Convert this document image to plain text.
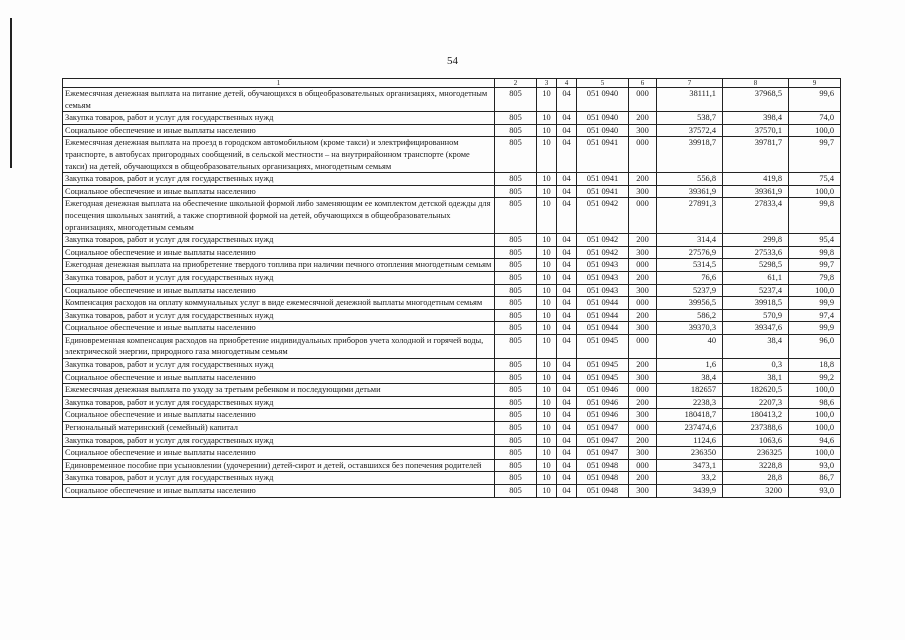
54
1	2	3	4	5	6	7	8	9
Ежемесячная денежная выплата на питание детей, обучающихся в общеобразовательных организациях, многодетным семьям	805	10	04	051 0940	000	38111,1	37968,5	99,6
Закупка товаров, работ и услуг для государственных нужд	805	10	04	051 0940	200	538,7	398,4	74,0
Социальное обеспечение и иные выплаты населению	805	10	04	051 0940	300	37572,4	37570,1	100,0
Ежемесячная денежная выплата на проезд в городском автомобильном (кроме такси) и электрифицированном транспорте, в автобусах пригородных сообщений, в сельской местности – на внутрирайонном транспорте (кроме такси) на детей, обучающихся в общеобразовательных организациях, многодетным семьям	805	10	04	051 0941	000	39918,7	39781,7	99,7
Закупка товаров, работ и услуг для государственных нужд	805	10	04	051 0941	200	556,8	419,8	75,4
Социальное обеспечение и иные выплаты населению	805	10	04	051 0941	300	39361,9	39361,9	100,0
Ежегодная денежная выплата на обеспечение школьной формой либо заменяющим ее комплектом детской одежды для посещения школьных занятий, а также спортивной формой на детей, обучающихся в общеобразовательных организациях, многодетным семьям	805	10	04	051 0942	000	27891,3	27833,4	99,8
Закупка товаров, работ и услуг для государственных нужд	805	10	04	051 0942	200	314,4	299,8	95,4
Социальное обеспечение и иные выплаты населению	805	10	04	051 0942	300	27576,9	27533,6	99,8
Ежегодная денежная выплата на приобретение твердого топлива при наличии печного отопления многодетным семьям	805	10	04	051 0943	000	5314,5	5298,5	99,7
Закупка товаров, работ и услуг для государственных нужд	805	10	04	051 0943	200	76,6	61,1	79,8
Социальное обеспечение и иные выплаты населению	805	10	04	051 0943	300	5237,9	5237,4	100,0
Компенсация расходов на оплату коммунальных услуг в виде ежемесячной денежной выплаты многодетным семьям	805	10	04	051 0944	000	39956,5	39918,5	99,9
Закупка товаров, работ и услуг для государственных нужд	805	10	04	051 0944	200	586,2	570,9	97,4
Социальное обеспечение и иные выплаты населению	805	10	04	051 0944	300	39370,3	39347,6	99,9
Единовременная компенсация расходов на приобретение индивидуальных приборов учета холодной и горячей воды, электрической энергии, природного газа многодетным семьям	805	10	04	051 0945	000	40	38,4	96,0
Закупка товаров, работ и услуг для государственных нужд	805	10	04	051 0945	200	1,6	0,3	18,8
Социальное обеспечение и иные выплаты населению	805	10	04	051 0945	300	38,4	38,1	99,2
Ежемесячная денежная выплата по уходу за третьим ребенком и последующими детьми	805	10	04	051 0946	000	182657	182620,5	100,0
Закупка товаров, работ и услуг для государственных нужд	805	10	04	051 0946	200	2238,3	2207,3	98,6
Социальное обеспечение и иные выплаты населению	805	10	04	051 0946	300	180418,7	180413,2	100,0
Региональный материнский (семейный) капитал	805	10	04	051 0947	000	237474,6	237388,6	100,0
Закупка товаров, работ и услуг для государственных нужд	805	10	04	051 0947	200	1124,6	1063,6	94,6
Социальное обеспечение и иные выплаты населению	805	10	04	051 0947	300	236350	236325	100,0
Единовременное пособие при усыновлении (удочерении) детей-сирот и детей, оставшихся без попечения родителей	805	10	04	051 0948	000	3473,1	3228,8	93,0
Закупка товаров, работ и услуг для государственных нужд	805	10	04	051 0948	200	33,2	28,8	86,7
Социальное обеспечение и иные выплаты населению	805	10	04	051 0948	300	3439,9	3200	93,0
